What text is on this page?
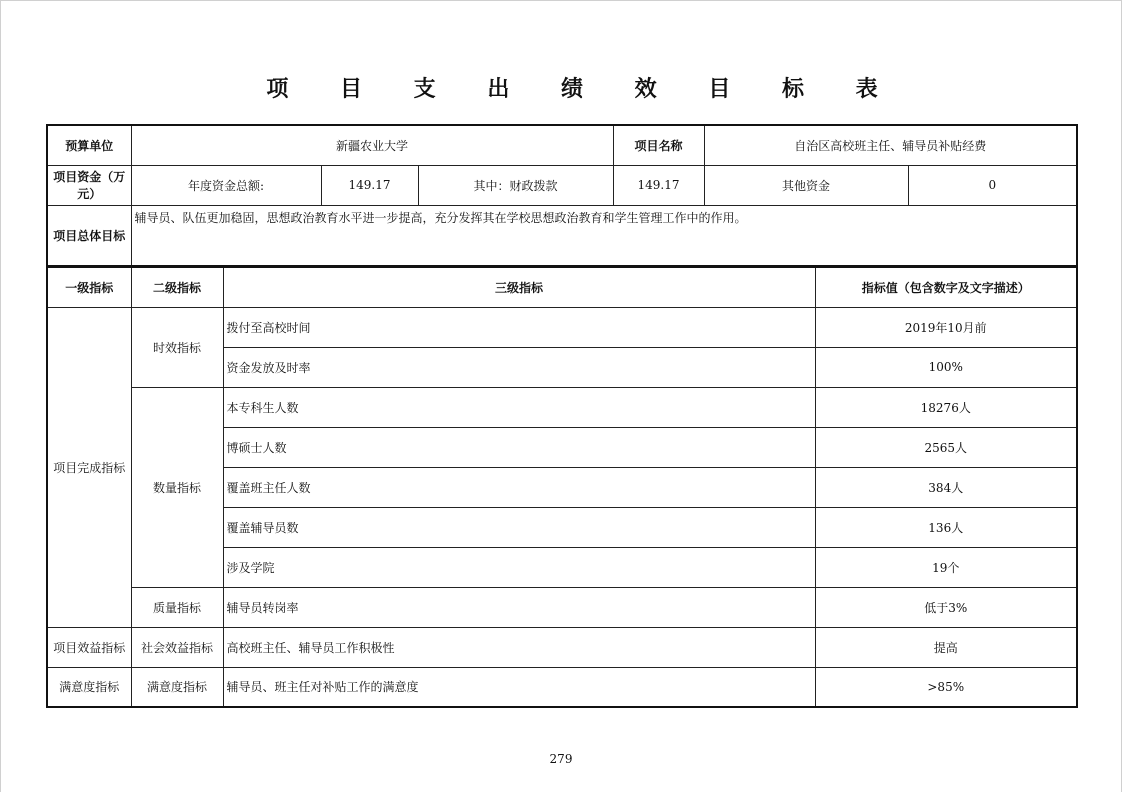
项 目 支 出 绩 效 目 标 表
预算单位	新疆农业大学			项目名称	自治区高校班主任、辅导员补贴经费	
项目资金（万元）	年度资金总额:	149.17	其中：财政拨款	149.17	其他资金	0
项目总体目标	辅导员、队伍更加稳固，思想政治教育水平进一步提高，充分发挥其在学校思想政治教育和学生管理工作中的作用。					
一级指标	二级指标	三级指标	指标值（包含数字及文字描述）
项目完成指标	时效指标	拨付至高校时间	2019年10月前
		资金发放及时率	100%
	数量指标	本专科生人数	18276人
		博硕士人数	2565人
		覆盖班主任人数	384人
		覆盖辅导员数	136人
		涉及学院	19个
	质量指标	辅导员转岗率	低于3%
项目效益指标	社会效益指标	高校班主任、辅导员工作积极性	提高
满意度指标	满意度指标	辅导员、班主任对补贴工作的满意度	>85%
279
